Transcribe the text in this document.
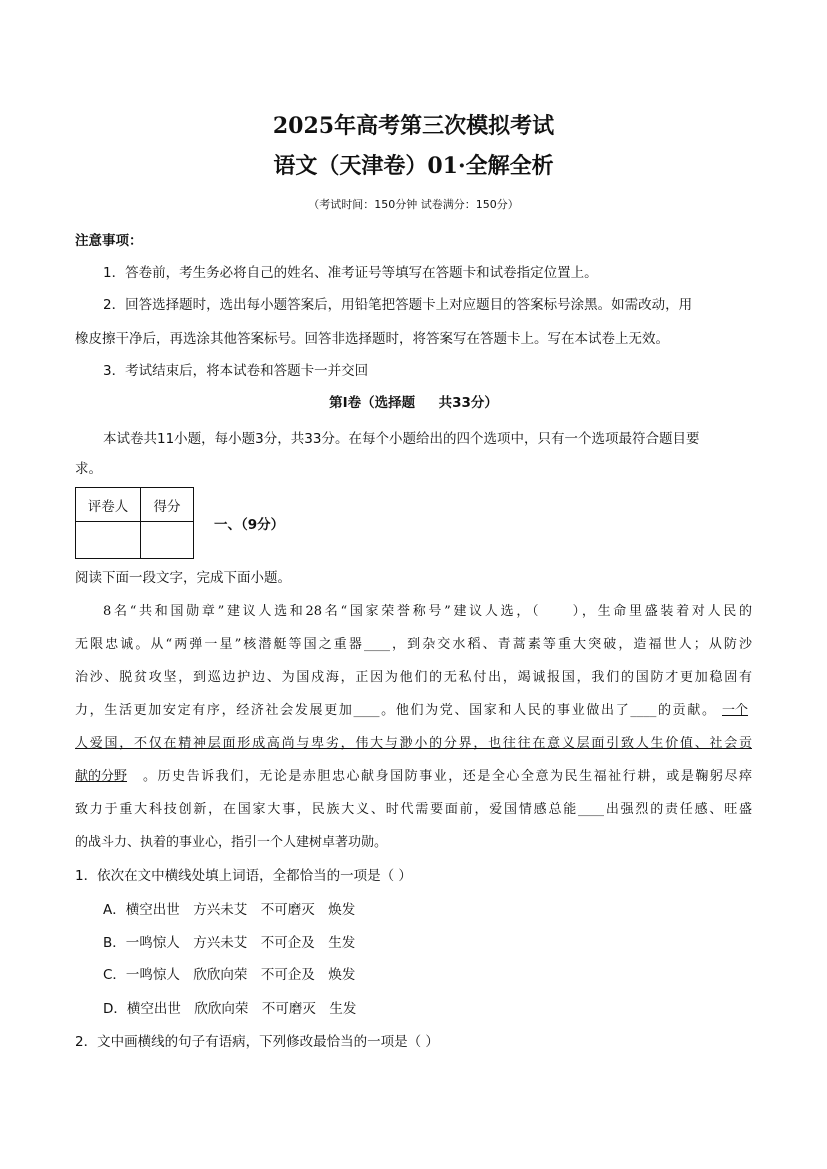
2025年高考第三次模拟考试
语文（天津卷）01·全解全析
（考试时间：150分钟 试卷满分：150分）
注意事项：
1．答卷前，考生务必将自己的姓名、准考证号等填写在答题卡和试卷指定位置上。
2．回答选择题时，选出每小题答案后，用铅笔把答题卡上对应题目的答案标号涂黑。如需改动，用
橡皮擦干净后，再选涂其他答案标号。回答非选择题时，将答案写在答题卡上。写在本试卷上无效。
3．考试结束后，将本试卷和答题卡一并交回
第Ⅰ卷（选择题     共33分）
本试卷共11小题，每小题3分，共33分。在每个小题给出的四个选项中，只有一个选项最符合题目要
求。
评卷人	得分

一、（9分）
阅读下面一段文字，完成下面小题。
8名“共和国勋章”建议人选和28名“国家荣誉称号”建议人选，（　　），生命里盛装着对人民的
无限忠诚。从“两弹一星”核潜艇等国之重器____，到杂交水稻、青蒿素等重大突破，造福世人；从防沙
治沙、脱贫攻坚，到巡边护边、为国戍海，正因为他们的无私付出，竭诚报国，我们的国防才更加稳固有
力，生活更加安定有序，经济社会发展更加____。他们为党、国家和人民的事业做出了____的贡献。 一个
人爱国，不仅在精神层面形成高尚与卑劣，伟大与渺小的分界，也往往在意义层面引致人生价值、社会贡
献的分野	。历史告诉我们，无论是赤胆忠心献身国防事业，还是全心全意为民生福祉行耕，或是鞠躬尽瘁
致力于重大科技创新，在国家大事，民族大义、时代需要面前，爱国情感总能____出强烈的责任感、旺盛
的战斗力、执着的事业心，指引一个人建树卓著功勋。
1．依次在文中横线处填上词语，全都恰当的一项是（ ）
A．横空出世　方兴未艾　不可磨灭　焕发
B．一鸣惊人　方兴未艾　不可企及　生发
C．一鸣惊人　欣欣向荣　不可企及　焕发
D．横空出世　欣欣向荣　不可磨灭　生发
2．文中画横线的句子有语病，下列修改最恰当的一项是（ ）
